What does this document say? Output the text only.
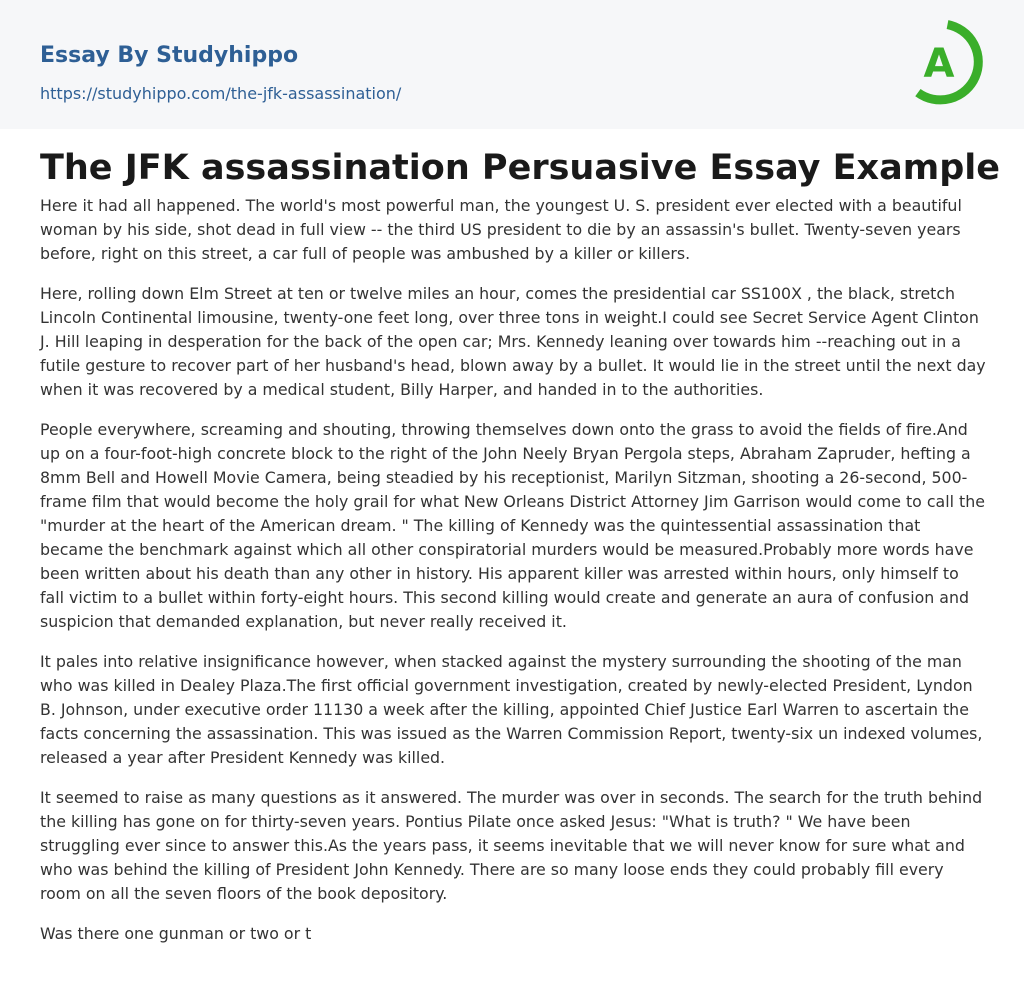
Essay By Studyhippo
https://studyhippo.com/the-jfk-assassination/
A
The JFK assassination Persuasive Essay Example

Here it had all happened. The world's most powerful man, the youngest U. S. president ever elected with a beautiful woman by his side, shot dead in full view -- the third US president to die by an assassin's bullet. Twenty-seven years before, right on this street, a car full of people was ambushed by a killer or killers.

Here, rolling down Elm Street at ten or twelve miles an hour, comes the presidential car SS100X , the black, stretch Lincoln Continental limousine, twenty-one feet long, over three tons in weight.I could see Secret Service Agent Clinton J. Hill leaping in desperation for the back of the open car; Mrs. Kennedy leaning over towards him --reaching out in a futile gesture to recover part of her husband's head, blown away by a bullet. It would lie in the street until the next day when it was recovered by a medical student, Billy Harper, and handed in to the authorities.

People everywhere, screaming and shouting, throwing themselves down onto the grass to avoid the fields of fire.And up on a four-foot-high concrete block to the right of the John Neely Bryan Pergola steps, Abraham Zapruder, hefting a 8mm Bell and Howell Movie Camera, being steadied by his receptionist, Marilyn Sitzman, shooting a 26-second, 500-frame film that would become the holy grail for what New Orleans District Attorney Jim Garrison would come to call the "murder at the heart of the American dream. " The killing of Kennedy was the quintessential assassination that became the benchmark against which all other conspiratorial murders would be measured.Probably more words have been written about his death than any other in history. His apparent killer was arrested within hours, only himself to fall victim to a bullet within forty-eight hours. This second killing would create and generate an aura of confusion and suspicion that demanded explanation, but never really received it.

It pales into relative insignificance however, when stacked against the mystery surrounding the shooting of the man who was killed in Dealey Plaza.The first official government investigation, created by newly-elected President, Lyndon B. Johnson, under executive order 11130 a week after the killing, appointed Chief Justice Earl Warren to ascertain the facts concerning the assassination. This was issued as the Warren Commission Report, twenty-six un indexed volumes, released a year after President Kennedy was killed.

It seemed to raise as many questions as it answered. The murder was over in seconds. The search for the truth behind the killing has gone on for thirty-seven years. Pontius Pilate once asked Jesus: "What is truth? " We have been struggling ever since to answer this.As the years pass, it seems inevitable that we will never know for sure what and who was behind the killing of President John Kennedy. There are so many loose ends they could probably fill every room on all the seven floors of the book depository.

Was there one gunman or two or t
